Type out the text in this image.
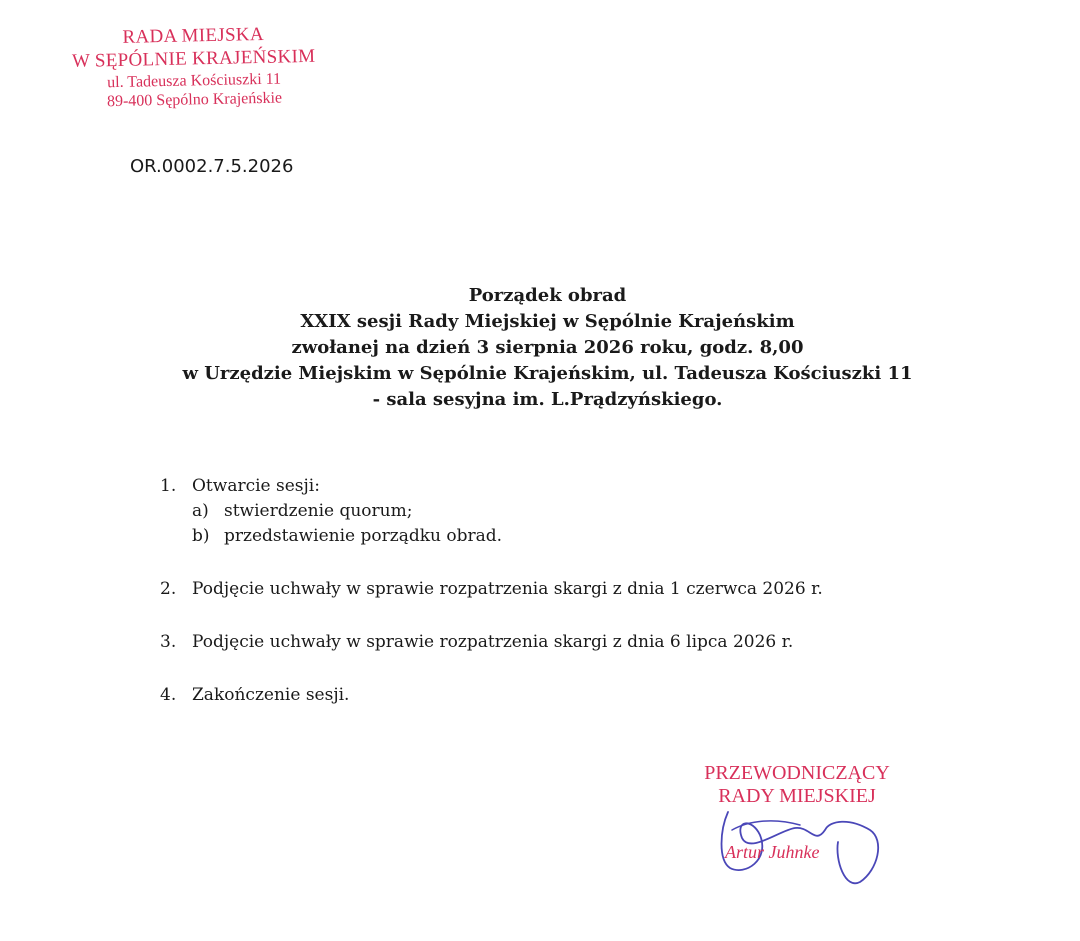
RADA MIEJSKA
W SĘPÓLNIE KRAJEŃSKIM
ul. Tadeusza Kościuszki 11
89-400 Sępólno Krajeńskie
OR.0002.7.5.2026
Porządek obrad
XXIX sesji Rady Miejskiej w Sępólnie Krajeńskim
zwołanej na dzień 3 sierpnia 2026 roku, godz. 8,00
w Urzędzie Miejskim w Sępólnie Krajeńskim, ul. Tadeusza Kościuszki 11
- sala sesyjna im. L.Prądzyńskiego.
1. Otwarcie sesji:
a) stwierdzenie quorum;
b) przedstawienie porządku obrad.
2. Podjęcie uchwały w sprawie rozpatrzenia skargi z dnia 1 czerwca 2026 r.
3. Podjęcie uchwały w sprawie rozpatrzenia skargi z dnia 6 lipca 2026 r.
4. Zakończenie sesji.
PRZEWODNICZĄCY
RADY MIEJSKIEJ
Artur Juhnke
